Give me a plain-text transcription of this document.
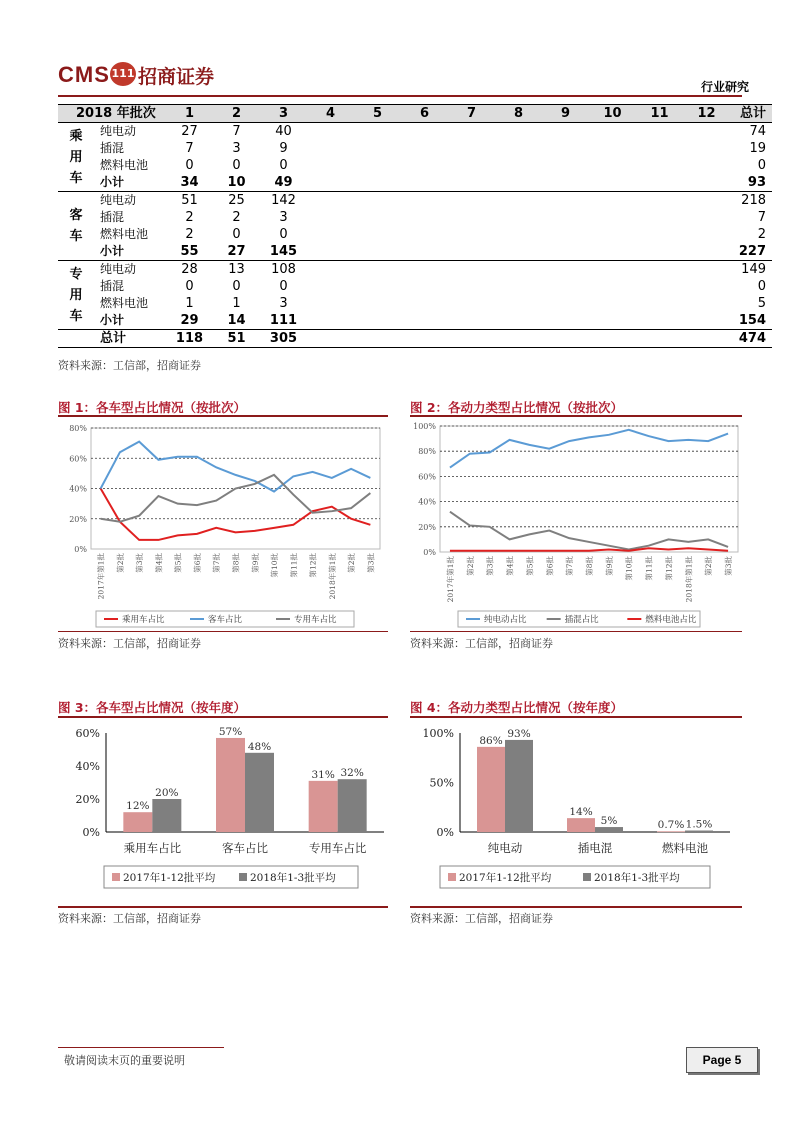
CMS 111 招商证券	行业研究
2018 年批次		1	2	3	4	5	6	7	8	9	10	11	12	总计
乘
用
车	纯电动	27	7	40										74
	插混	7	3	9										19
	燃料电池	0	0	0										0
	小计	34	10	49										93
客
车	纯电动	51	25	142										218
	插混	2	2	3										7
	燃料电池	2	0	0										2
	小计	55	27	145										227
专
用
车	纯电动	28	13	108										149
	插混	0	0	0										0
	燃料电池	1	1	3										5
	小计	29	14	111										154
总计		118	51	305										474
资料来源：工信部，招商证券
图 1：各车型占比情况（按批次）
0%
20%
40%
60%
80%
2017年第1批 第2批 第3批 第4批 第5批 第6批 第7批 第8批 第9批 第10批 第11批 第12批 2018年第1批 第2批 第3批
乘用车占比	客车占比	专用车占比
资料来源：工信部，招商证券
图 2：各动力类型占比情况（按批次）
0%
20%
40%
60%
80%
100%
2017年第1批 第2批 第3批 第4批 第5批 第6批 第7批 第8批 第9批 第10批 第11批 第12批 2018年第1批 第2批 第3批
纯电动占比	插混占比	燃料电池占比
资料来源：工信部，招商证券
图 3：各车型占比情况（按年度）
0%
20%
40%
60%
乘用车占比
12%
20%
客车占比
57%
48%
专用车占比
31% 32%
2017年1-12批平均	2018年1-3批平均
资料来源：工信部，招商证券
图 4：各动力类型占比情况（按年度）
0%
50%
100%
纯电动
86%
93%
插电混
14%
5%
燃料电池
0.7% 1.5%
2017年1-12批平均	2018年1-3批平均
资料来源：工信部，招商证券
敬请阅读末页的重要说明	Page 5
